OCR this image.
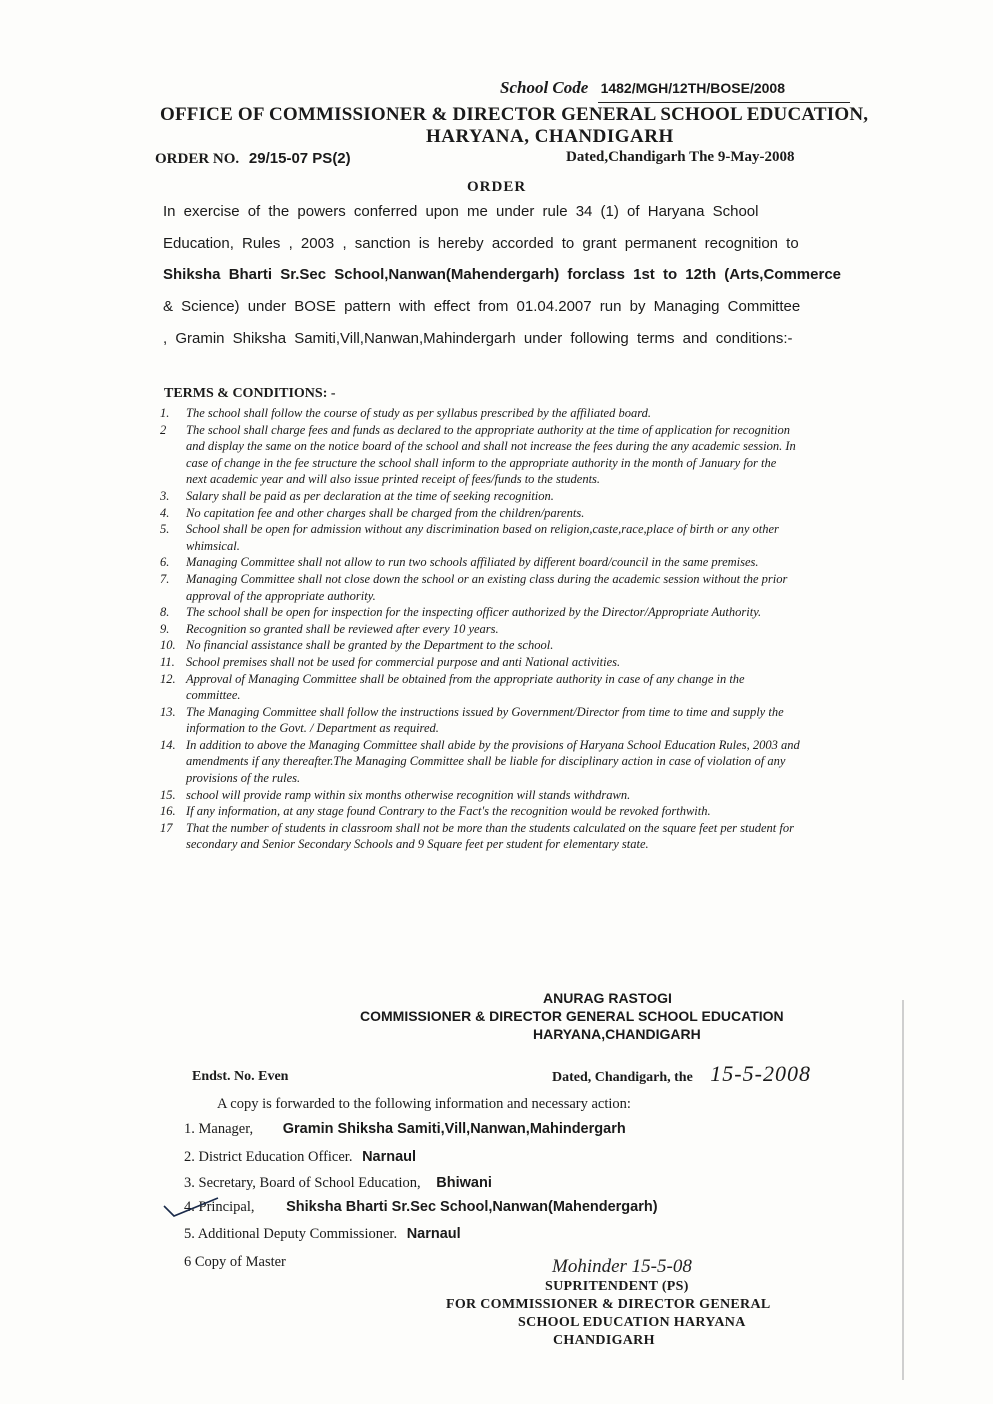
School Code 1482/MGH/12TH/BOSE/2008
OFFICE OF COMMISSIONER & DIRECTOR GENERAL SCHOOL EDUCATION,
HARYANA, CHANDIGARH
ORDER NO. 29/15-07 PS(2)	Dated,Chandigarh The 9-May-2008
ORDER
In exercise of the powers conferred upon me under rule 34 (1) of Haryana School
Education, Rules , 2003 , sanction is hereby accorded to grant permanent recognition to
Shiksha Bharti Sr.Sec School,Nanwan(Mahendergarh) forclass 1st to 12th (Arts,Commerce
& Science) under BOSE pattern with effect from 01.04.2007 run by Managing Committee
, Gramin Shiksha Samiti,Vill,Nanwan,Mahindergarh under following terms and conditions:-
TERMS & CONDITIONS: -
1.	The school shall follow the course of study as per syllabus prescribed by the affiliated board.
2	The school shall charge fees and funds as declared to the appropriate authority at the time of application for recognition and display the same on the notice board of the school and shall not increase the fees during the any academic session. In case of change in the fee structure the school shall inform to the appropriate authority in the month of January for the next academic year and will also issue printed receipt of fees/funds to the students.
3.	Salary shall be paid as per declaration at the time of seeking recognition.
4.	No capitation fee and other charges shall be charged from the children/parents.
5.	School shall be open for admission without any discrimination based on religion,caste,race,place of birth or any other whimsical.
6.	Managing Committee shall not allow to run two schools affiliated by different board/council in the same premises.
7.	Managing Committee shall not close down the school or an existing class during the academic session without the prior approval of the appropriate authority.
8.	The school shall be open for inspection for the inspecting officer authorized by the Director/Appropriate Authority.
9.	Recognition so granted shall be reviewed after every 10 years.
10. No financial assistance shall be granted by the Department to the school.
11. School premises shall not be used for commercial purpose and anti National activities.
12. Approval of Managing Committee shall be obtained from the appropriate authority in case of any change in the committee.
13. The Managing Committee shall follow the instructions issued by Government/Director from time to time and supply the information to the Govt. / Department as required.
14. In addition to above the Managing Committee shall abide by the provisions of Haryana School Education Rules, 2003 and amendments if any thereafter.The Managing Committee shall be liable for disciplinary action in case of violation of any provisions of the rules.
15. school will provide ramp within six months otherwise recognition will stands withdrawn.
16. If any information, at any stage found Contrary to the Fact's the recognition would be revoked forthwith.
17	That the number of students in classroom shall not be more than the students calculated on the square feet per student for secondary and Senior Secondary Schools and 9 Square feet per student for elementary state.
ANURAG RASTOGI
COMMISSIONER & DIRECTOR GENERAL SCHOOL EDUCATION
HARYANA,CHANDIGARH
Endst. No. Even	Dated, Chandigarh, the 15-5-2008
A copy is forwarded to the following information and necessary action:
1. Manager, Gramin Shiksha Samiti,Vill,Nanwan,Mahindergarh
2. District Education Officer. Narnaul
3. Secretary, Board of School Education, Bhiwani
4. Principal, Shiksha Bharti Sr.Sec School,Nanwan(Mahendergarh)
5. Additional Deputy Commissioner. Narnaul
6 Copy of Master	Mohinder 15-5-08
SUPRITENDENT (PS)
FOR COMMISSIONER & DIRECTOR GENERAL
SCHOOL EDUCATION HARYANA
CHANDIGARH
